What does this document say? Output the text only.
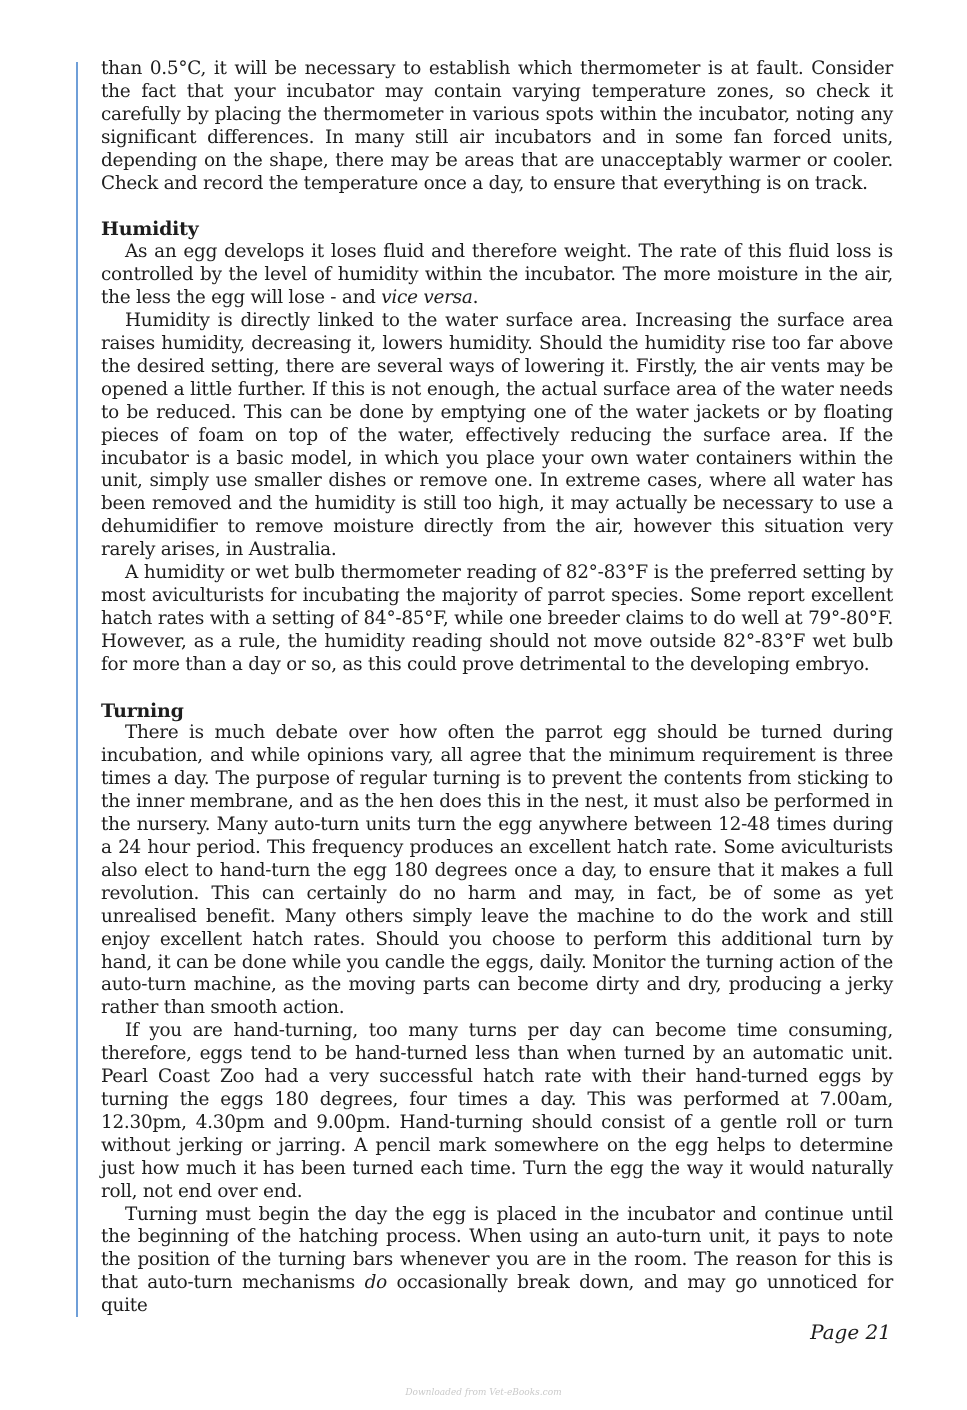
than 0.5°C, it will be necessary to establish which thermometer is at fault. Consider the fact that your incubator may contain varying temperature zones, so check it carefully by placing the thermometer in various spots within the incubator, noting any significant differences. In many still air incubators and in some fan forced units, depending on the shape, there may be areas that are unacceptably warmer or cooler. Check and record the temperature once a day, to ensure that everything is on track.

Humidity

As an egg develops it loses fluid and therefore weight. The rate of this fluid loss is controlled by the level of humidity within the incubator. The more moisture in the air, the less the egg will lose - and vice versa.

Humidity is directly linked to the water surface area. Increasing the surface area raises humidity, decreasing it, lowers humidity. Should the humidity rise too far above the desired setting, there are several ways of lowering it. Firstly, the air vents may be opened a little further. If this is not enough, the actual surface area of the water needs to be reduced. This can be done by emptying one of the water jackets or by floating pieces of foam on top of the water, effectively reducing the surface area. If the incubator is a basic model, in which you place your own water containers within the unit, simply use smaller dishes or remove one. In extreme cases, where all water has been removed and the humidity is still too high, it may actually be necessary to use a dehumidifier to remove moisture directly from the air, however this situation very rarely arises, in Australia.

A humidity or wet bulb thermometer reading of 82°-83°F is the preferred setting by most aviculturists for incubating the majority of parrot species. Some report excellent hatch rates with a setting of 84°-85°F, while one breeder claims to do well at 79°-80°F. However, as a rule, the humidity reading should not move outside 82°-83°F wet bulb for more than a day or so, as this could prove detrimental to the developing embryo.

Turning

There is much debate over how often the parrot egg should be turned during incubation, and while opinions vary, all agree that the minimum requirement is three times a day. The purpose of regular turning is to prevent the contents from sticking to the inner membrane, and as the hen does this in the nest, it must also be performed in the nursery. Many auto-turn units turn the egg anywhere between 12-48 times during a 24 hour period. This frequency produces an excellent hatch rate. Some aviculturists also elect to hand-turn the egg 180 degrees once a day, to ensure that it makes a full revolution. This can certainly do no harm and may, in fact, be of some as yet unrealised benefit. Many others simply leave the machine to do the work and still enjoy excellent hatch rates. Should you choose to perform this additional turn by hand, it can be done while you candle the eggs, daily. Monitor the turning action of the auto-turn machine, as the moving parts can become dirty and dry, producing a jerky rather than smooth action.

If you are hand-turning, too many turns per day can become time consuming, therefore, eggs tend to be hand-turned less than when turned by an automatic unit. Pearl Coast Zoo had a very successful hatch rate with their hand-turned eggs by turning the eggs 180 degrees, four times a day. This was performed at 7.00am, 12.30pm, 4.30pm and 9.00pm. Hand-turning should consist of a gentle roll or turn without jerking or jarring. A pencil mark somewhere on the egg helps to determine just how much it has been turned each time. Turn the egg the way it would naturally roll, not end over end.

Turning must begin the day the egg is placed in the incubator and continue until the beginning of the hatching process. When using an auto-turn unit, it pays to note the position of the turning bars whenever you are in the room. The reason for this is that auto-turn mechanisms do occasionally break down, and may go unnoticed for quite

Page 21
Downloaded from Vet-eBooks.com
